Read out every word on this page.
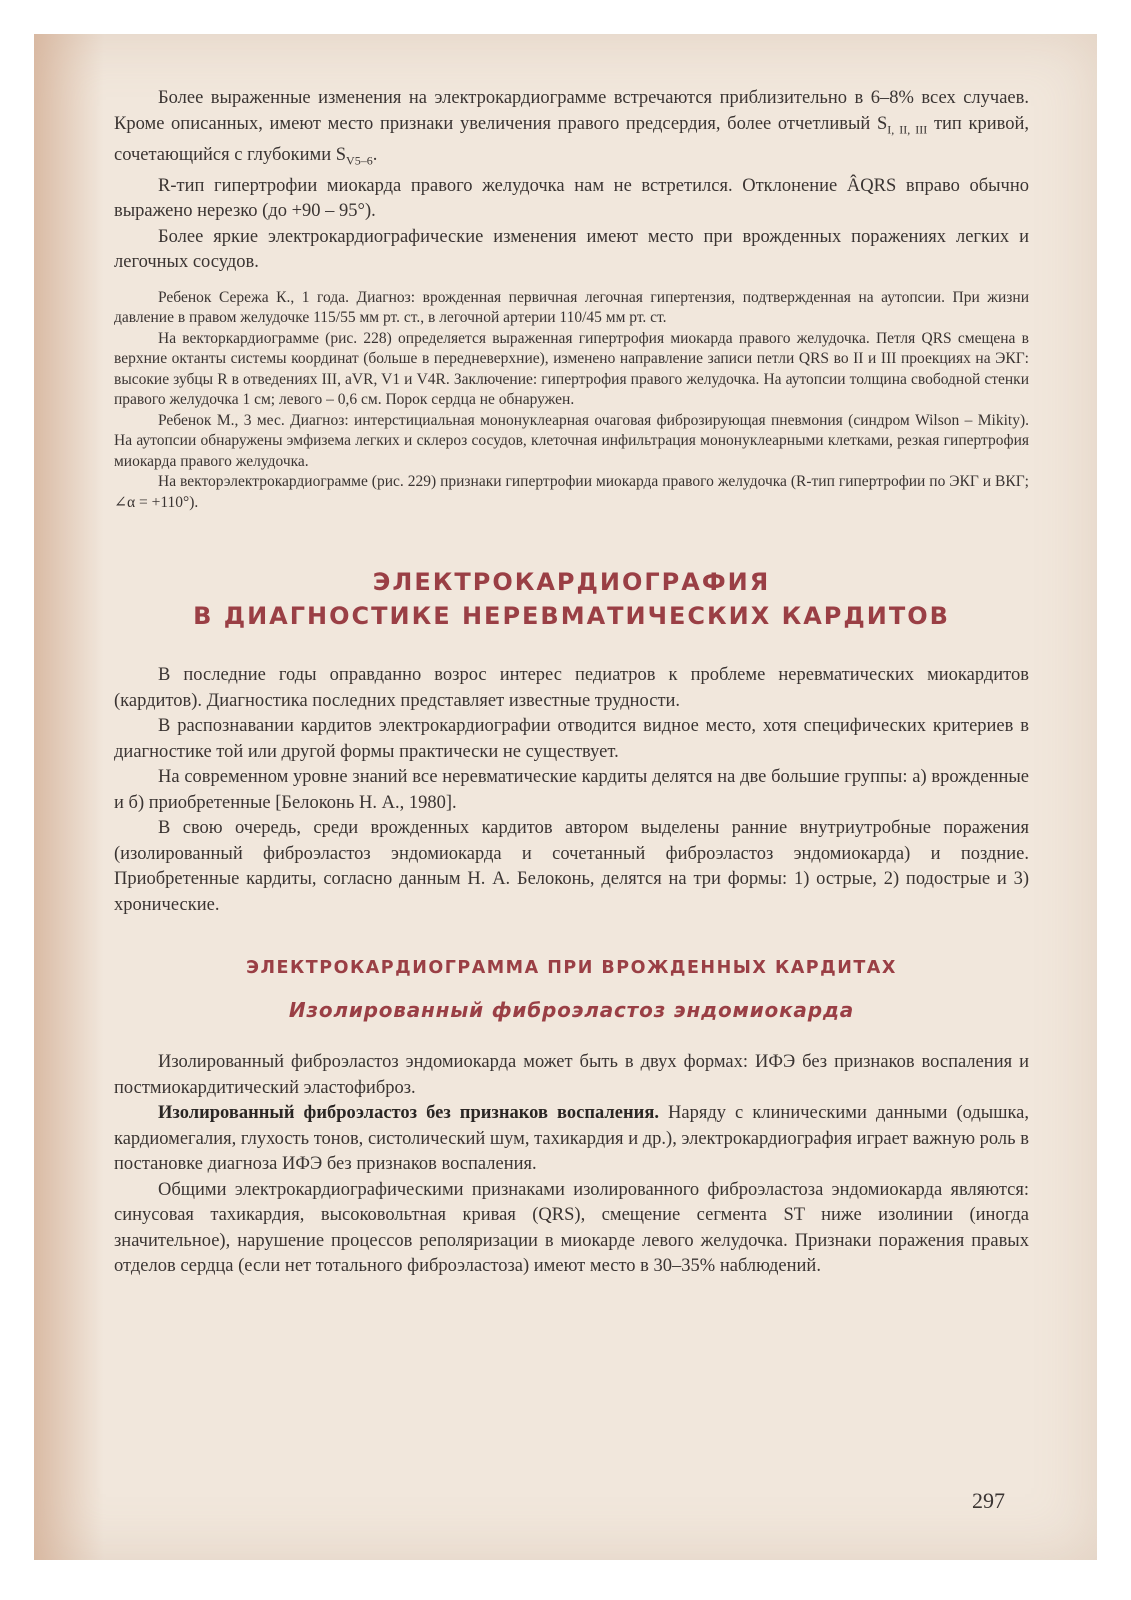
Более выраженные изменения на электрокардиограмме встречаются приблизительно в 6–8% всех случаев. Кроме описанных, имеют место признаки увеличения правого предсердия, более отчетливый $S_{I, II, III}$ тип кривой, сочетающийся с глубокими $S_{V5-6}$.

R-тип гипертрофии миокарда правого желудочка нам не встретился. Отклонение ÂQRS вправо обычно выражено нерезко (до +90 – 95°).

Более яркие электрокардиографические изменения имеют место при врожденных поражениях легких и легочных сосудов.

Ребенок Сережа К., 1 года. Диагноз: врожденная первичная легочная гипертензия, подтвержденная на аутопсии. При жизни давление в правом желудочке 115/55 мм рт. ст., в легочной артерии 110/45 мм рт. ст.

На векторкардиограмме (рис. 228) определяется выраженная гипертрофия миокарда правого желудочка. Петля QRS смещена в верхние октанты системы координат (больше в передневерхние), изменено направление записи петли QRS во II и III проекциях на ЭКГ: высокие зубцы R в отведениях III, aVR, V1 и V4R. Заключение: гипертрофия правого желудочка. На аутопсии толщина свободной стенки правого желудочка 1 см; левого – 0,6 см. Порок сердца не обнаружен.

Ребенок М., 3 мес. Диагноз: интерстициальная мононуклеарная очаговая фиброзирующая пневмония (синдром Wilson – Mikity). На аутопсии обнаружены эмфизема легких и склероз сосудов, клеточная инфильтрация мононуклеарными клетками, резкая гипертрофия миокарда правого желудочка.

На векторэлектрокардиограмме (рис. 229) признаки гипертрофии миокарда правого желудочка (R-тип гипертрофии по ЭКГ и ВКГ; ∠α = +110°).

ЭЛЕКТРОКАРДИОГРАФИЯ
В ДИАГНОСТИКЕ НЕРЕВМАТИЧЕСКИХ КАРДИТОВ

В последние годы оправданно возрос интерес педиатров к проблеме неревматических миокардитов (кардитов). Диагностика последних представляет известные трудности.

В распознавании кардитов электрокардиографии отводится видное место, хотя специфических критериев в диагностике той или другой формы практически не существует.

На современном уровне знаний все неревматические кардиты делятся на две большие группы: а) врожденные и б) приобретенные [Белоконь Н. А., 1980].

В свою очередь, среди врожденных кардитов автором выделены ранние внутриутробные поражения (изолированный фиброэластоз эндомиокарда и сочетанный фиброэластоз эндомиокарда) и поздние. Приобретенные кардиты, согласно данным Н. А. Белоконь, делятся на три формы: 1) острые, 2) подострые и 3) хронические.

ЭЛЕКТРОКАРДИОГРАММА ПРИ ВРОЖДЕННЫХ КАРДИТАХ
Изолированный фиброэластоз эндомиокарда

Изолированный фиброэластоз эндомиокарда может быть в двух формах: ИФЭ без признаков воспаления и постмиокардитический эластофиброз.

Изолированный фиброэластоз без признаков воспаления. Наряду с клиническими данными (одышка, кардиомегалия, глухость тонов, систолический шум, тахикардия и др.), электрокардиография играет важную роль в постановке диагноза ИФЭ без признаков воспаления.

Общими электрокардиографическими признаками изолированного фиброэластоза эндомиокарда являются: синусовая тахикардия, высоковольтная кривая (QRS), смещение сегмента ST ниже изолинии (иногда значительное), нарушение процессов реполяризации в миокарде левого желудочка. Признаки поражения правых отделов сердца (если нет тотального фиброэластоза) имеют место в 30–35% наблюдений.

297
